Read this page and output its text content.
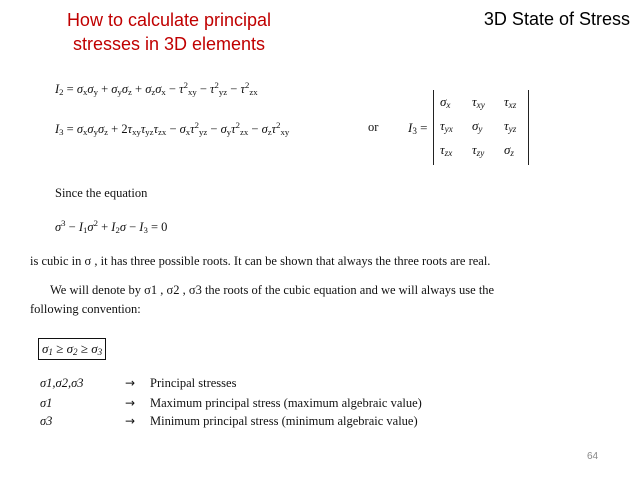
How to calculate principal stresses in 3D elements
3D State of Stress
$I_2 = \sigma_x\sigma_y + \sigma_y\sigma_z + \sigma_z\sigma_x - \tau^2_{xy} - \tau^2_{yz} - \tau^2_{zx}$
$I_3 = \sigma_x\sigma_y\sigma_z + 2\tau_{xy}\tau_{yz}\tau_{zx} - \sigma_x\tau^2_{yz} - \sigma_y\tau^2_{zx} - \sigma_z\tau^2_{xy}$	or $I_3$ =
$\sigma_x$ $\tau_{xy}$ $\tau_{xz}$
$\tau_{yx}$ $\sigma_y$ $\tau_{yz}$
$\tau_{zx}$ $\tau_{zy}$ $\sigma_z$
Since the equation
$\sigma^3 - I_1\sigma^2 + I_2\sigma - I_3 = 0$
is cubic in σ , it has three possible roots. It can be shown that always the three roots are real.
We will denote by σ1 , σ2 , σ3 the roots of the cubic equation and we will always use the
following convention:
$\sigma_1 \ge \sigma_2 \ge \sigma_3$
σ1,σ2,σ3	→ Principal stresses
σ1	→ Maximum principal stress (maximum algebraic value)
σ3	→ Minimum principal stress (minimum algebraic value)
64
